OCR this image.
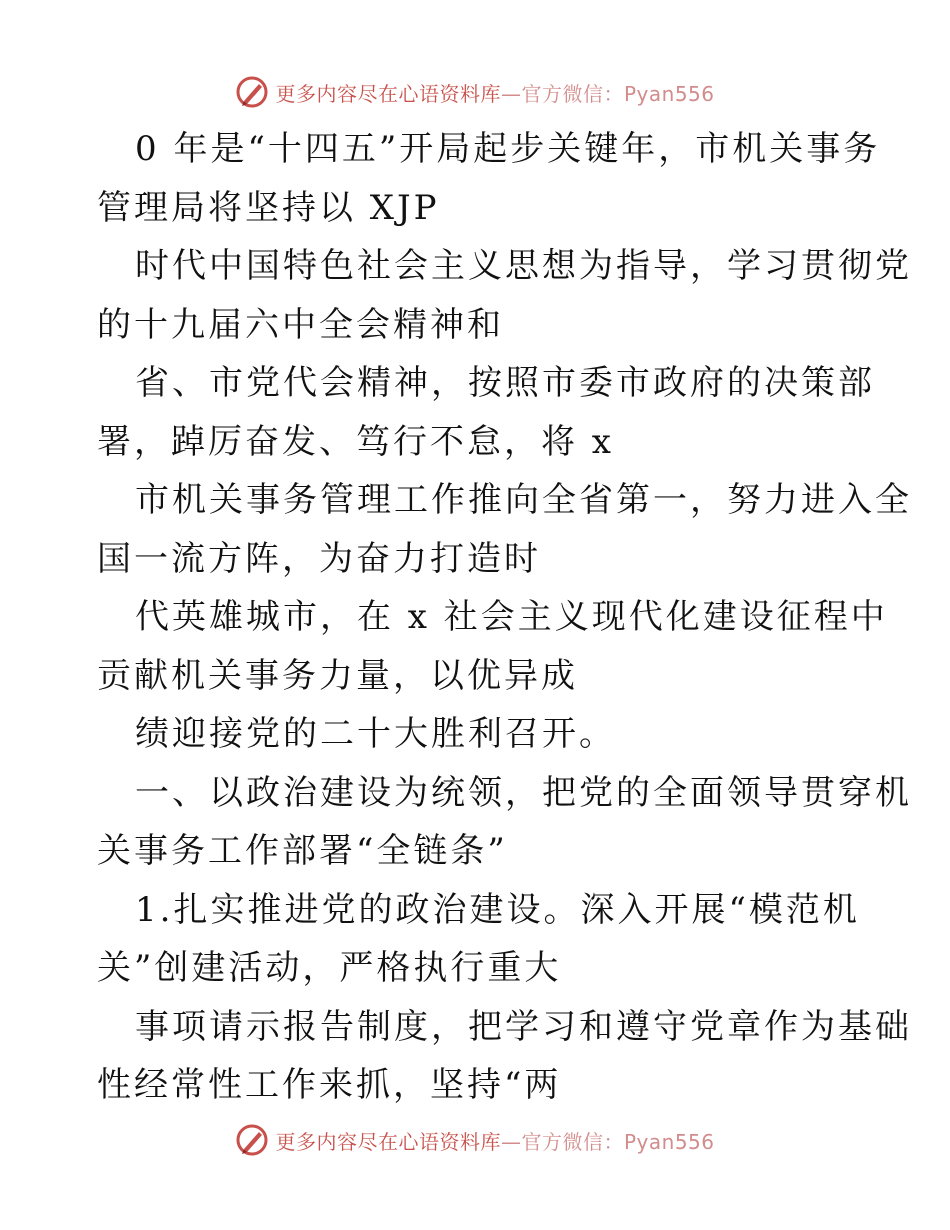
更多内容尽在心语资料库—官方微信：Pyan556
0 年是“十四五”开局起步关键年，市机关事务
管理局将坚持以 XJP
时代中国特色社会主义思想为指导，学习贯彻党
的十九届六中全会精神和
省、市党代会精神，按照市委市政府的决策部
署，踔厉奋发、笃行不怠，将 x
市机关事务管理工作推向全省第一，努力进入全
国一流方阵，为奋力打造时
代英雄城市，在 x 社会主义现代化建设征程中
贡献机关事务力量，以优异成
绩迎接党的二十大胜利召开。
一、以政治建设为统领，把党的全面领导贯穿机
关事务工作部署“全链条”
1.扎实推进党的政治建设。深入开展“模范机
关”创建活动，严格执行重大
事项请示报告制度，把学习和遵守党章作为基础
性经常性工作来抓，坚持“两
更多内容尽在心语资料库—官方微信：Pyan556
